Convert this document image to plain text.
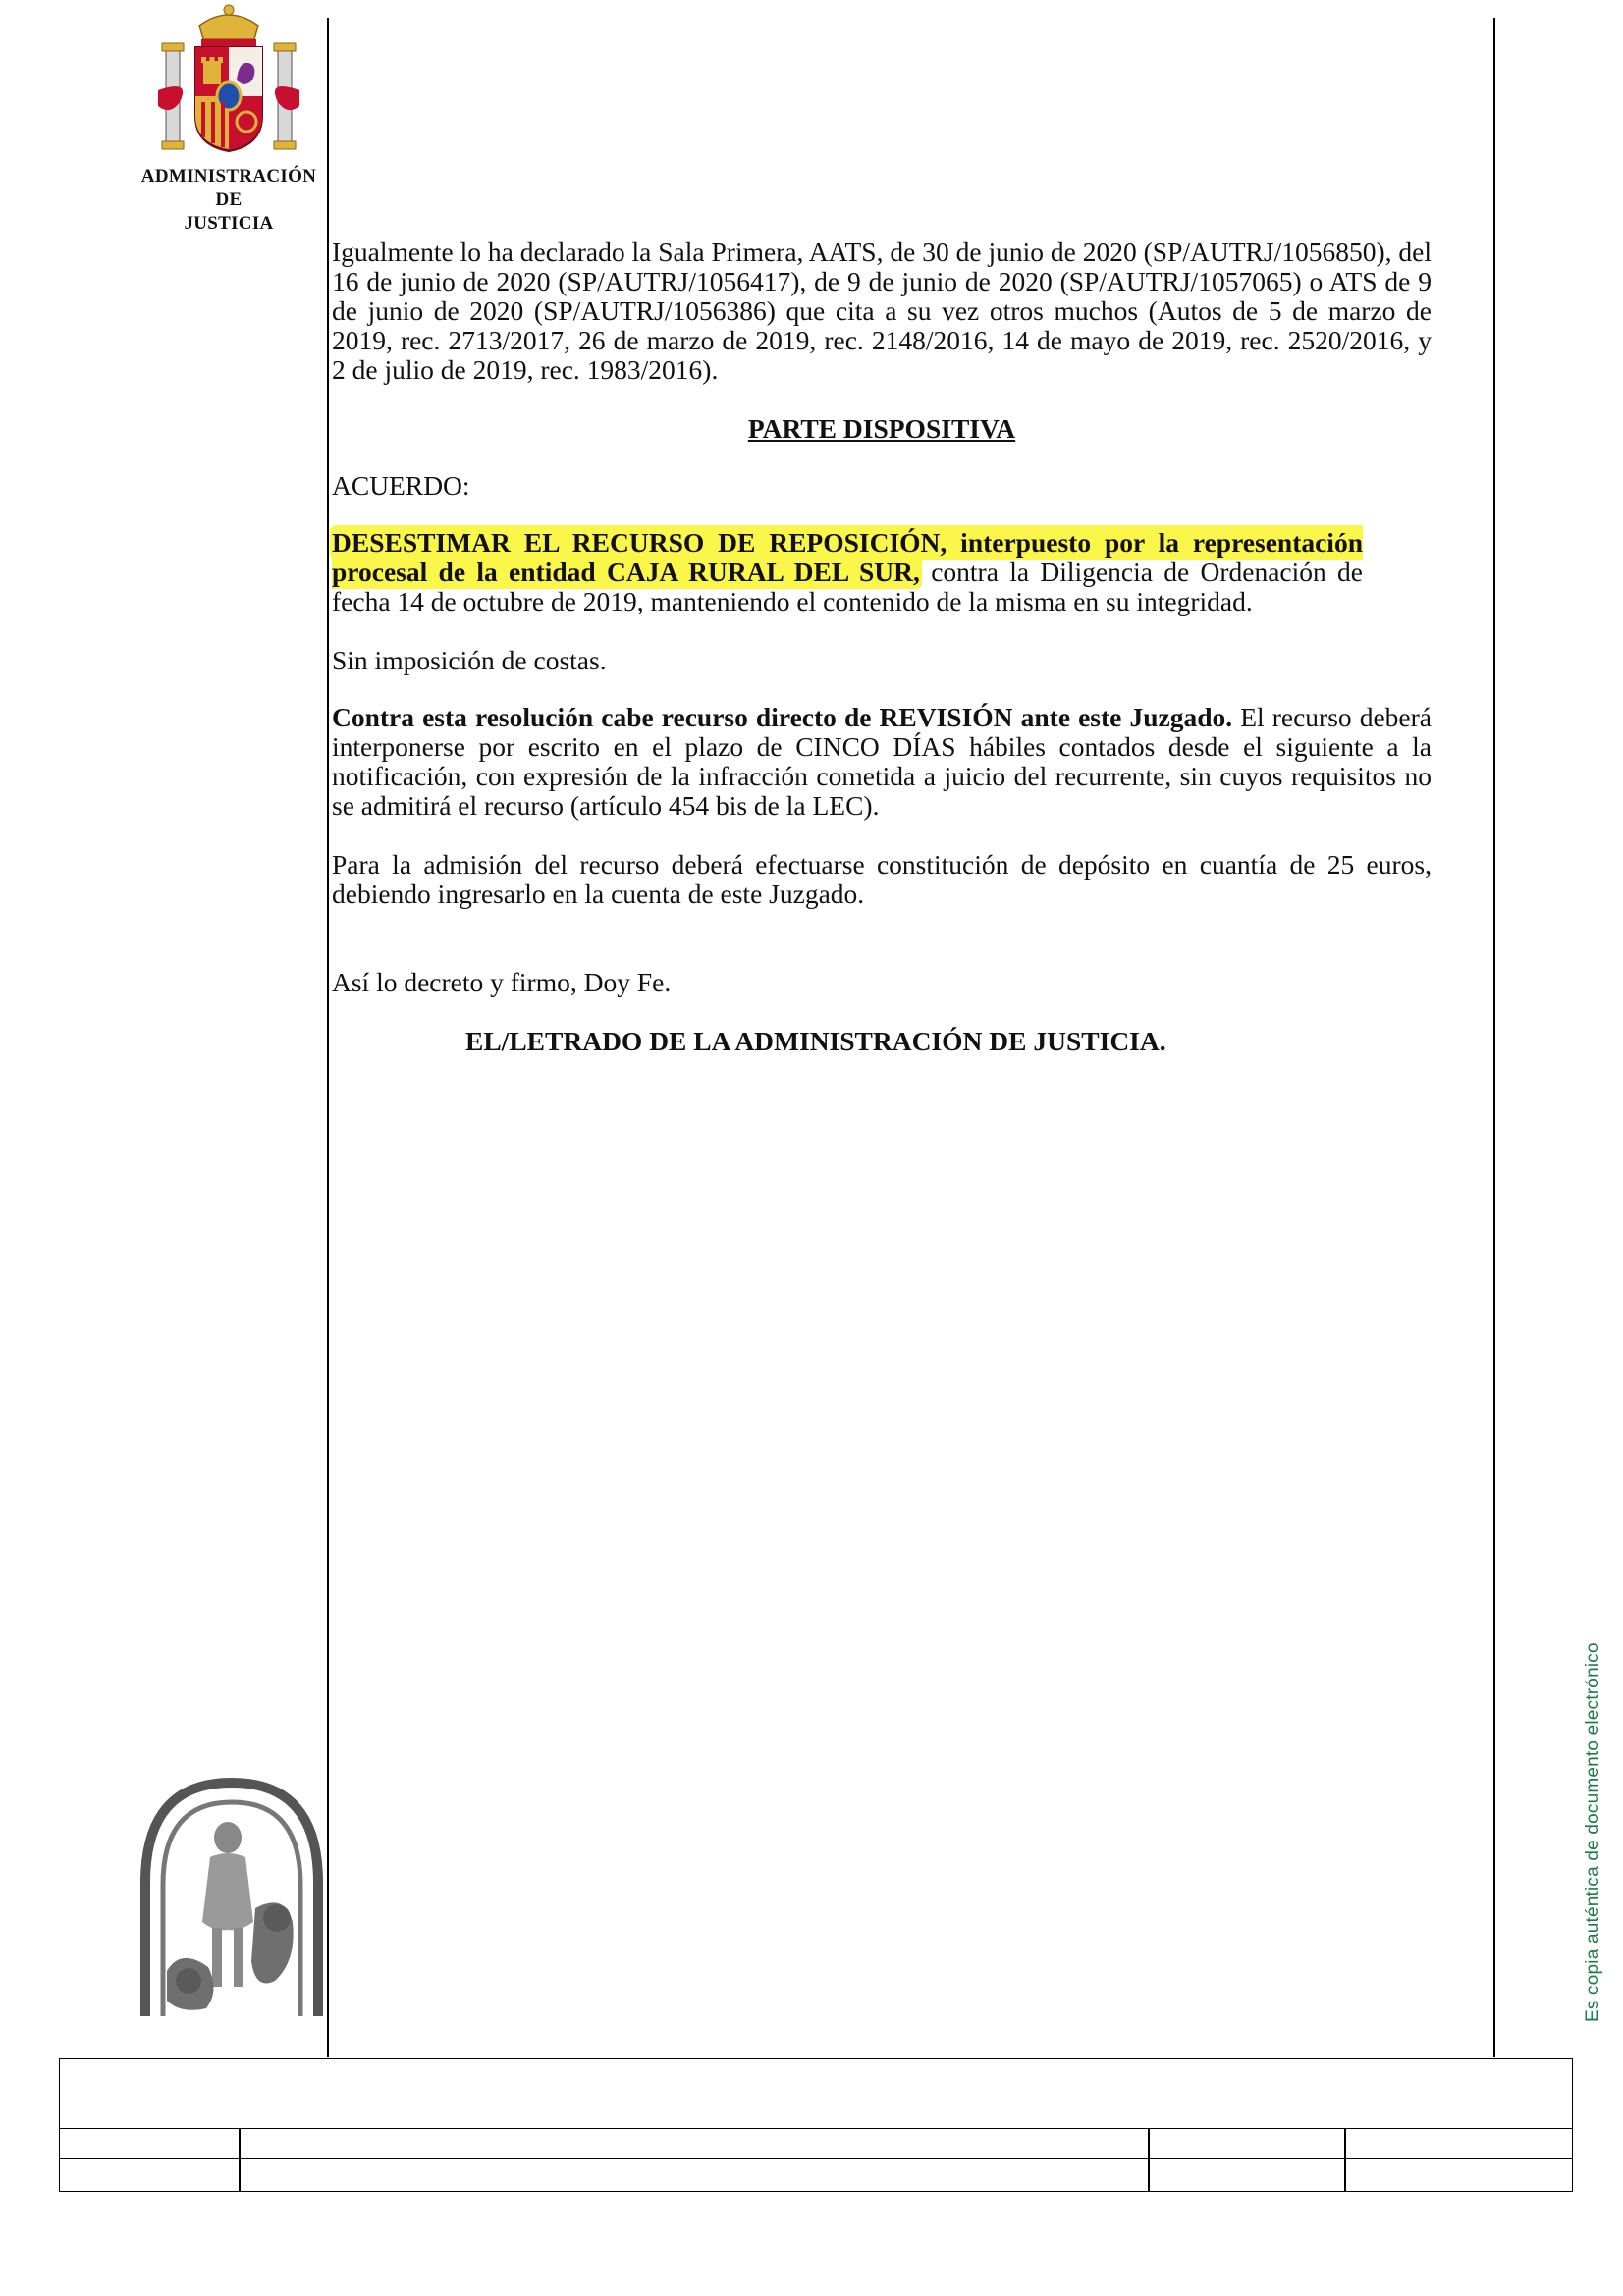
ADMINISTRACIÓN
DE
JUSTICIA

Igualmente lo ha declarado la Sala Primera, AATS, de 30 de junio de 2020 (SP/AUTRJ/1056850), del 16 de junio de 2020 (SP/AUTRJ/1056417), de 9 de junio de 2020 (SP/AUTRJ/1057065) o ATS de 9 de junio de 2020 (SP/AUTRJ/1056386) que cita a su vez otros muchos (Autos de 5 de marzo de 2019, rec. 2713/2017, 26 de marzo de 2019, rec. 2148/2016, 14 de mayo de 2019, rec. 2520/2016, y 2 de julio de 2019, rec. 1983/2016).

PARTE DISPOSITIVA

ACUERDO:

DESESTIMAR EL RECURSO DE REPOSICIÓN, interpuesto por la representación procesal de la entidad CAJA RURAL DEL SUR, contra la Diligencia de Ordenación de fecha 14 de octubre de 2019, manteniendo el contenido de la misma en su integridad.

Sin imposición de costas.

Contra esta resolución cabe recurso directo de REVISIÓN ante este Juzgado. El recurso deberá interponerse por escrito en el plazo de CINCO DÍAS hábiles contados desde el siguiente a la notificación, con expresión de la infracción cometida a juicio del recurrente, sin cuyos requisitos no se admitirá el recurso (artículo 454 bis de la LEC).

Para la admisión del recurso deberá efectuarse constitución de depósito en cuantía de 25 euros, debiendo ingresarlo en la cuenta de este Juzgado.

Así lo decreto y firmo, Doy Fe.

EL/LETRADO DE LA ADMINISTRACIÓN DE JUSTICIA.

Es copia auténtica de documento electrónico
